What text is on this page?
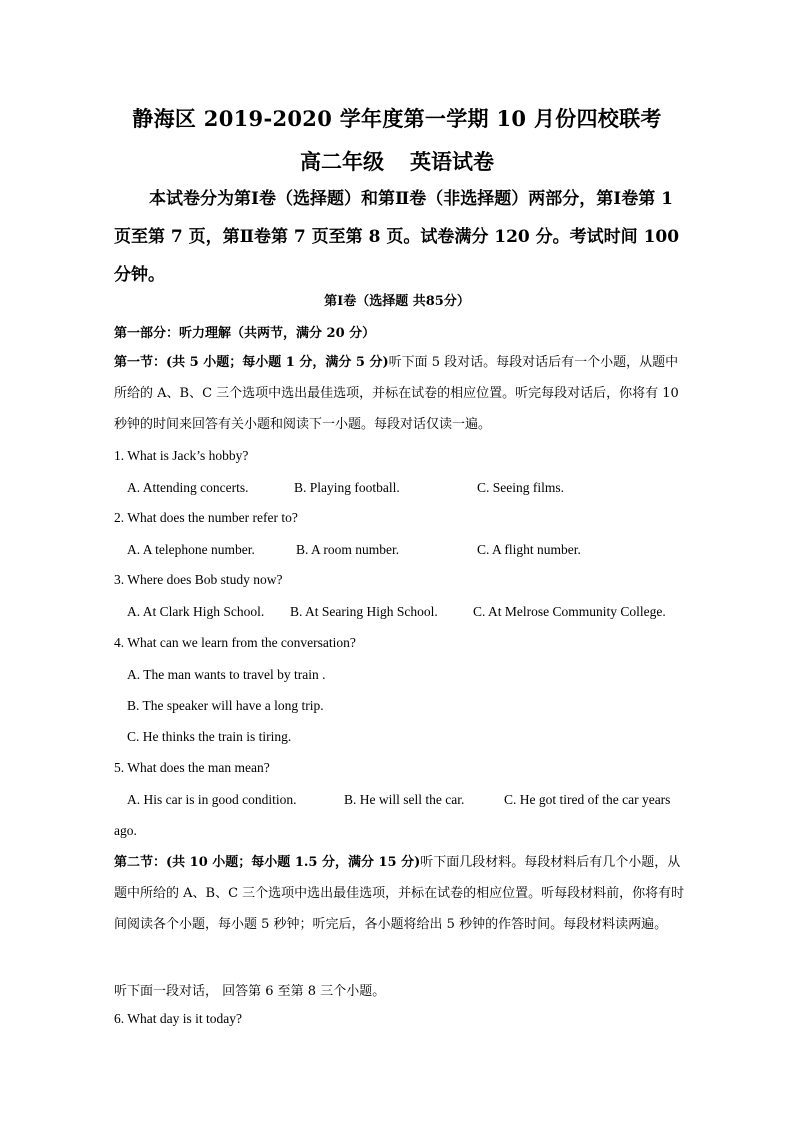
静海区 2019-2020 学年度第一学期 10 月份四校联考
高二年级 英语试卷
本试卷分为第Ⅰ卷（选择题）和第Ⅱ卷（非选择题）两部分，第Ⅰ卷第 1 页至第 7 页，第Ⅱ卷第 7 页至第 8 页。试卷满分 120 分。考试时间 100 分钟。
第Ⅰ卷（选择题 共85分）
第一部分：听力理解（共两节，满分 20 分）
第一节：(共 5 小题；每小题 1 分，满分 5 分)听下面 5 段对话。每段对话后有一个小题，从题中所给的 A、B、C 三个选项中选出最佳选项，并标在试卷的相应位置。听完每段对话后，你将有 10 秒钟的时间来回答有关小题和阅读下一小题。每段对话仅读一遍。
1. What is Jack’s hobby?
A. Attending concerts.	B. Playing football.	C. Seeing films.
2. What does the number refer to?
A. A telephone number.	B. A room number.	C. A flight number.
3. Where does Bob study now?
A. At Clark High School. B. At Searing High School.	C. At Melrose Community College.
4. What can we learn from the conversation?
A. The man wants to travel by train .
B. The speaker will have a long trip.
C. He thinks the train is tiring.
5. What does the man mean?
A. His car is in good condition.	B. He will sell the car.	C. He got tired of the car years
ago.
第二节：(共 10 小题；每小题 1.5 分，满分 15 分)听下面几段材料。每段材料后有几个小题，从题中所给的 A、B、C 三个选项中选出最佳选项，并标在试卷的相应位置。听每段材料前，你将有时间阅读各个小题，每小题 5 秒钟；听完后，各小题将给出 5 秒钟的作答时间。每段材料读两遍。
听下面一段对话， 回答第 6 至第 8 三个小题。
6. What day is it today?
